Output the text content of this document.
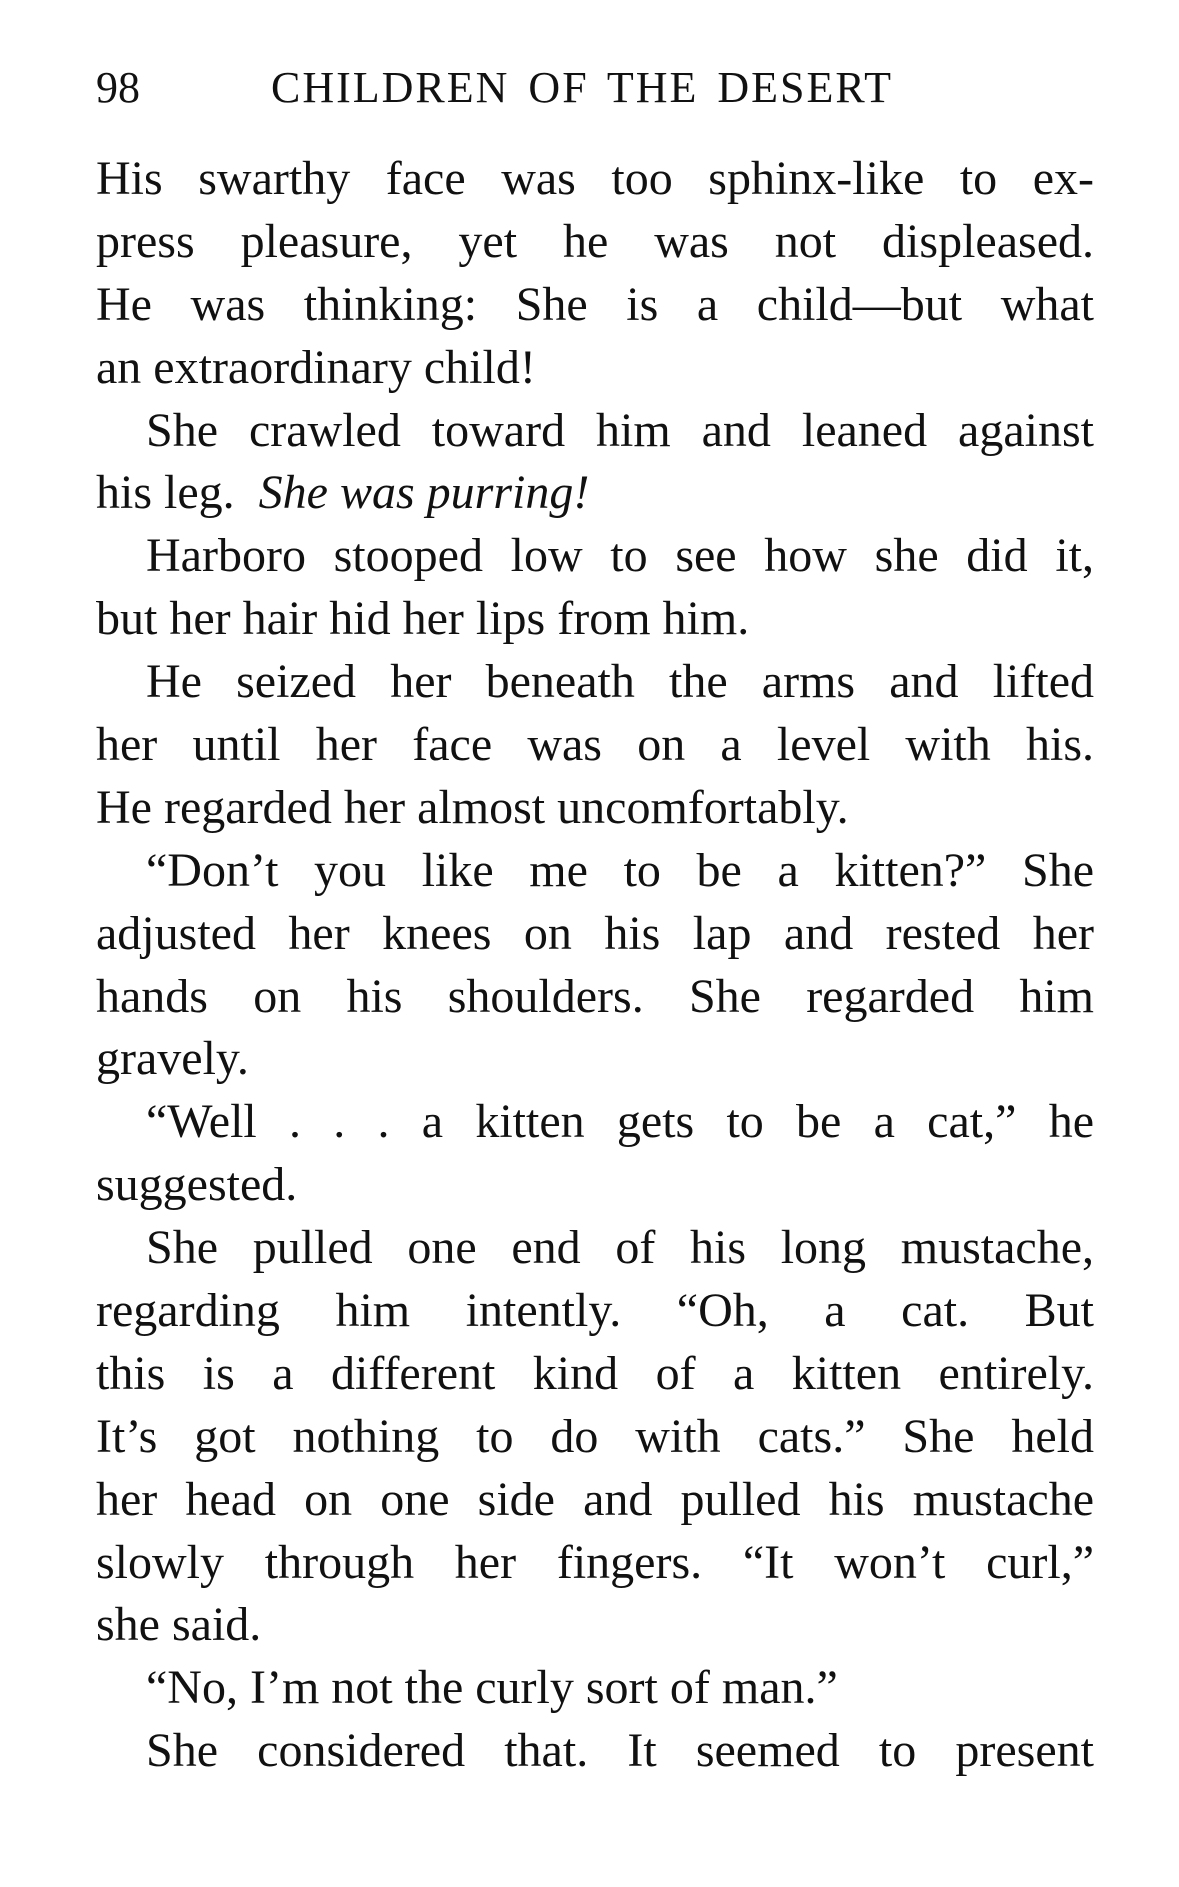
98	CHILDREN OF THE DESERT
His swarthy face was too sphinx-like to ex-
press pleasure, yet he was not displeased.
He was thinking: She is a child—but what
an extraordinary child!
She crawled toward him and leaned against
his leg. She was purring!
Harboro stooped low to see how she did it,
but her hair hid her lips from him.
He seized her beneath the arms and lifted
her until her face was on a level with his.
He regarded her almost uncomfortably.
“Don’t you like me to be a kitten?” She
adjusted her knees on his lap and rested her
hands on his shoulders. She regarded him
gravely.
“Well . . . a kitten gets to be a cat,” he
suggested.
She pulled one end of his long mustache,
regarding him intently. “Oh, a cat. But
this is a different kind of a kitten entirely.
It’s got nothing to do with cats.” She held
her head on one side and pulled his mustache
slowly through her fingers. “It won’t curl,”
she said.
“No, I’m not the curly sort of man.”
She considered that. It seemed to present
